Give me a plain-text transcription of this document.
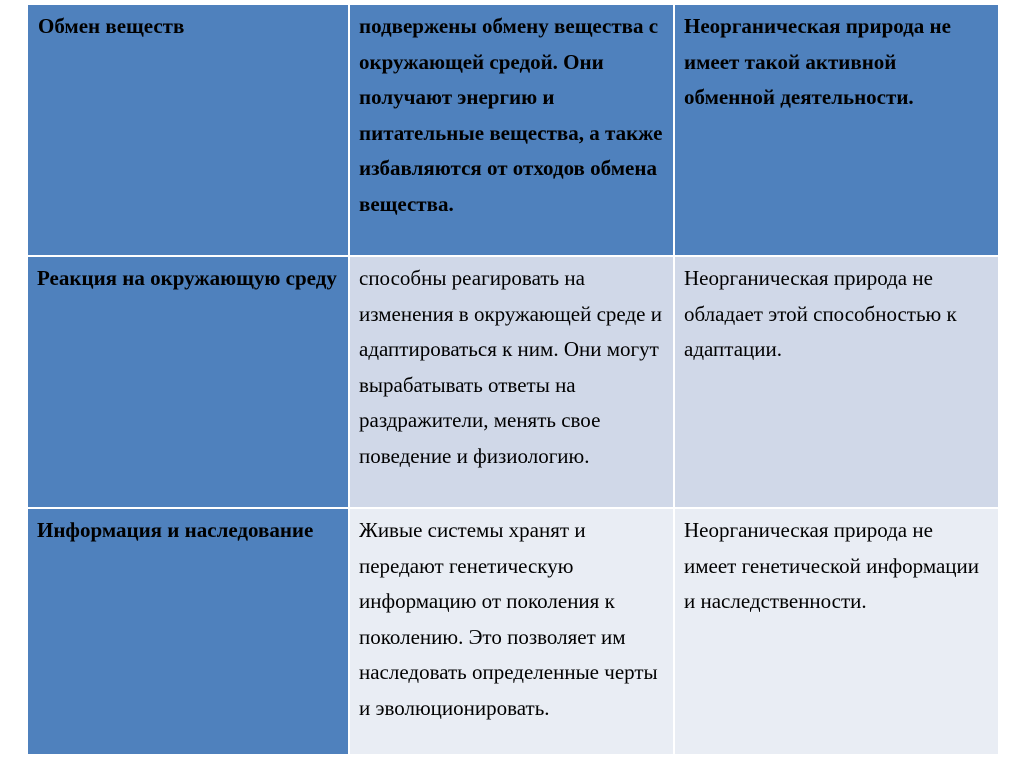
Обмен веществ	подвержены обмену вещества с окружающей средой. Они получают энергию и питательные вещества, а также избавляются от отходов обмена вещества.	Неорганическая природа не имеет такой активной обменной деятельности.
Реакция на окружающую среду	способны реагировать на изменения в окружающей среде и адаптироваться к ним. Они могут вырабатывать ответы на раздражители, менять свое поведение и физиологию.	Неорганическая природа не обладает этой способностью к адаптации.
Информация и наследование	Живые системы хранят и передают генетическую информацию от поколения к поколению. Это позволяет им наследовать определенные черты и эволюционировать.	Неорганическая природа не имеет генетической информации и наследственности.
